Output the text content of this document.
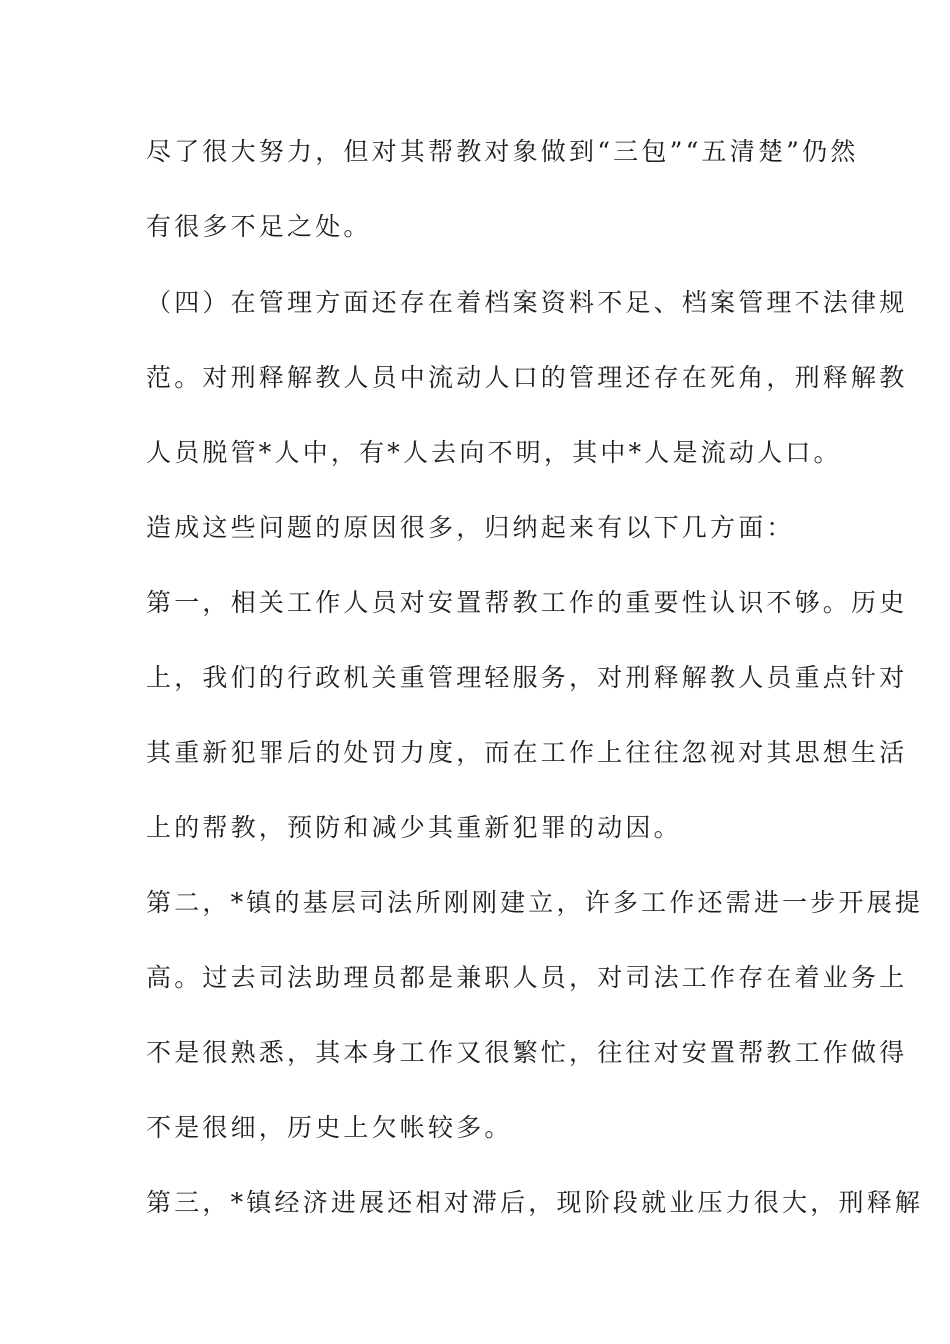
尽了很大努力，但对其帮教对象做到“三包”“五清楚”仍然

有很多不足之处。

（四）在管理方面还存在着档案资料不足、档案管理不法律规

范。对刑释解教人员中流动人口的管理还存在死角，刑释解教

人员脱管*人中，有*人去向不明，其中*人是流动人口。

造成这些问题的原因很多，归纳起来有以下几方面：

第一，相关工作人员对安置帮教工作的重要性认识不够。历史

上，我们的行政机关重管理轻服务，对刑释解教人员重点针对

其重新犯罪后的处罚力度，而在工作上往往忽视对其思想生活

上的帮教，预防和减少其重新犯罪的动因。

第二，*镇的基层司法所刚刚建立，许多工作还需进一步开展提

高。过去司法助理员都是兼职人员，对司法工作存在着业务上

不是很熟悉，其本身工作又很繁忙，往往对安置帮教工作做得

不是很细，历史上欠帐较多。

第三，*镇经济进展还相对滞后，现阶段就业压力很大，刑释解
